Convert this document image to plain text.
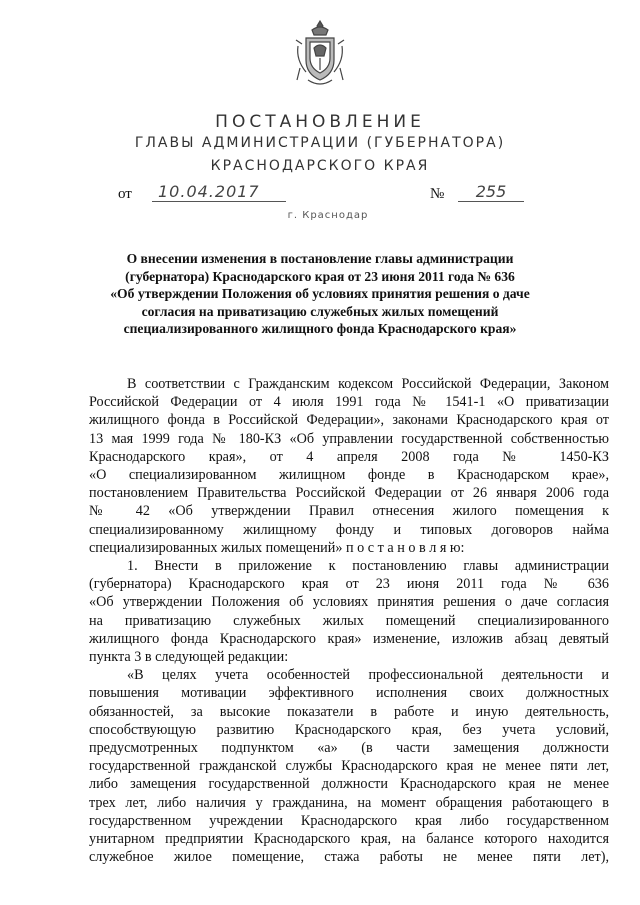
ПОСТАНОВЛЕНИЕ
ГЛАВЫ АДМИНИСТРАЦИИ (ГУБЕРНАТОРА)
КРАСНОДАРСКОГО КРАЯ
от	10.04.2017	№	255
г. Краснодар
О внесении изменения в постановление главы администрации
(губернатора) Краснодарского края от 23 июня 2011 года № 636
«Об утверждении Положения об условиях принятия решения о даче
согласия на приватизацию служебных жилых помещений
специализированного жилищного фонда Краснодарского края»
В соответствии с Гражданским кодексом Российской Федерации, Законом
Российской Федерации от 4 июля 1991 года № 1541-1 «О приватизации
жилищного фонда в Российской Федерации», законами Краснодарского края от
13 мая 1999 года № 180-КЗ «Об управлении государственной собственностью
Краснодарского края», от 4 апреля 2008 года № 1450-КЗ
«О специализированном жилищном фонде в Краснодарском крае»,
постановлением Правительства Российской Федерации от 26 января 2006 года
№ 42 «Об утверждении Правил отнесения жилого помещения к
специализированному жилищному фонду и типовых договоров найма
специализированных жилых помещений» п о с т а н о в л я ю:
1. Внести в приложение к постановлению главы администрации
(губернатора) Краснодарского края от 23 июня 2011 года № 636
«Об утверждении Положения об условиях принятия решения о даче согласия
на приватизацию служебных жилых помещений специализированного
жилищного фонда Краснодарского края» изменение, изложив абзац девятый
пункта 3 в следующей редакции:
«В целях учета особенностей профессиональной деятельности и
повышения мотивации эффективного исполнения своих должностных
обязанностей, за высокие показатели в работе и иную деятельность,
способствующую развитию Краснодарского края, без учета условий,
предусмотренных подпунктом «а» (в части замещения должности
государственной гражданской службы Краснодарского края не менее пяти лет,
либо замещения государственной должности Краснодарского края не менее
трех лет, либо наличия у гражданина, на момент обращения работающего в
государственном учреждении Краснодарского края либо государственном
унитарном предприятии Краснодарского края, на балансе которого находится
служебное жилое помещение, стажа работы не менее пяти лет),
